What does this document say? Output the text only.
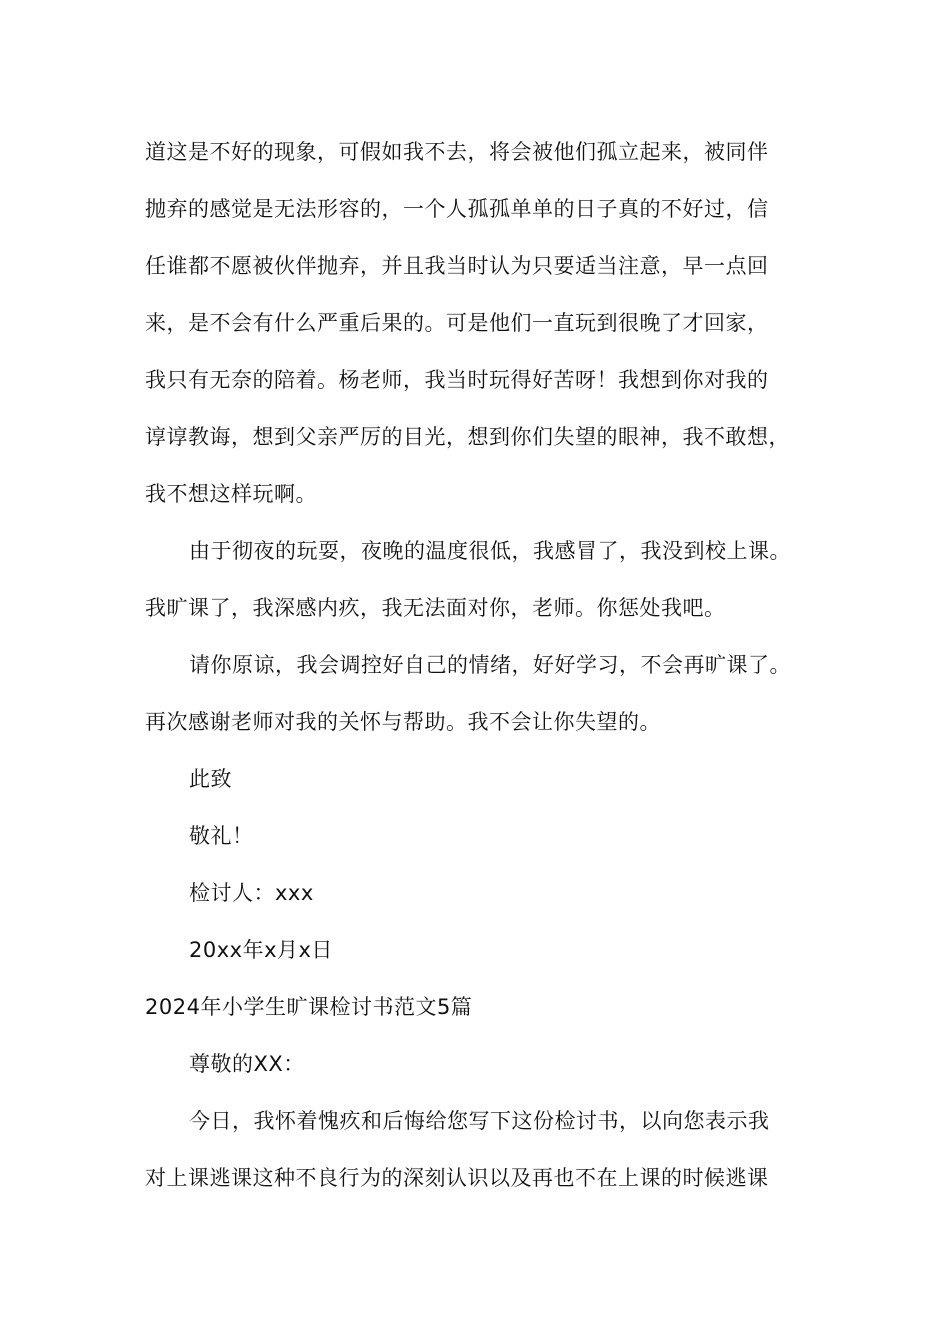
道这是不好的现象，可假如我不去，将会被他们孤立起来，被同伴
抛弃的感觉是无法形容的，一个人孤孤单单的日子真的不好过，信
任谁都不愿被伙伴抛弃，并且我当时认为只要适当注意，早一点回
来，是不会有什么严重后果的。可是他们一直玩到很晚了才回家，
我只有无奈的陪着。杨老师，我当时玩得好苦呀！我想到你对我的
谆谆教诲，想到父亲严厉的目光，想到你们失望的眼神，我不敢想，
我不想这样玩啊。
由于彻夜的玩耍，夜晚的温度很低，我感冒了，我没到校上课。
我旷课了，我深感内疚，我无法面对你，老师。你惩处我吧。
请你原谅，我会调控好自己的情绪，好好学习，不会再旷课了。
再次感谢老师对我的关怀与帮助。我不会让你失望的。
此致
敬礼！
检讨人：xxx
20xx年x月x日
2024年小学生旷课检讨书范文5篇
尊敬的XX：
今日，我怀着愧疚和后悔给您写下这份检讨书，以向您表示我
对上课逃课这种不良行为的深刻认识以及再也不在上课的时候逃课
